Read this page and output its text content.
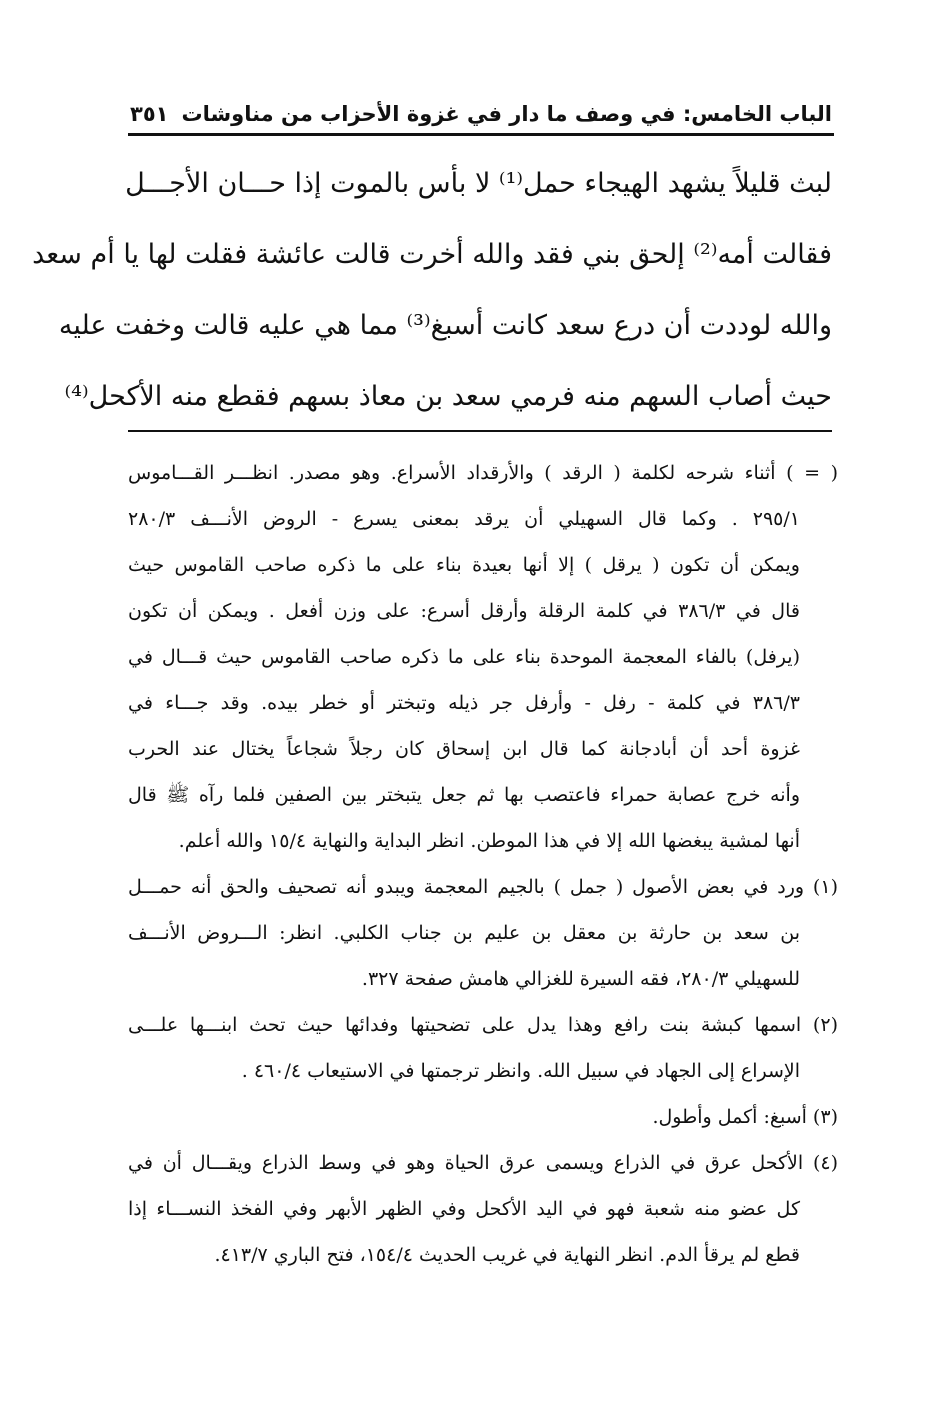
الباب الخامس: في وصف ما دار في غزوة الأحزاب من مناوشات
٣٥١
لبث قليلاً يشهد الهيجاء حمل⁽¹⁾ لا بأس بالموت إذا حـــان الأجـــل
فقالت أمه⁽²⁾ إلحق بني فقد والله أخرت قالت عائشة فقلت لها يا أم سعد
والله لوددت أن درع سعد كانت أسبغ⁽³⁾ مما هي عليه قالت وخفت عليه
حيث أصاب السهم منه فرمي سعد بن معاذ بسهم فقطع منه الأكحل⁽⁴⁾
( = ) أثناء شرحه لكلمة ( الرقد ) والأرقداد الأسراع. وهو مصدر. انظـــر القـــاموس
٢٩٥/١ . وكما قال السهيلي أن يرقد بمعنى يسرع - الروض الأنـــف ٢٨٠/٣
ويمكن أن تكون ( يرقل ) إلا أنها بعيدة بناء على ما ذكره صاحب القاموس حيث
قال في ٣٨٦/٣ في كلمة الرقلة وأرقل أسرع: على وزن أفعل . ويمكن أن تكون
(يرفل) بالفاء المعجمة الموحدة بناء على ما ذكره صاحب القاموس حيث قـــال في
٣٨٦/٣ في كلمة - رفل - وأرفل جر ذيله وتبختر أو خطر بيده. وقد جـــاء في
غزوة أحد أن أبادجانة كما قال ابن إسحاق كان رجلاً شجاعاً يختال عند الحرب
وأنه خرج عصابة حمراء فاعتصب بها ثم جعل يتبختر بين الصفين فلما رآه ﷺ قال
أنها لمشية يبغضها الله إلا في هذا الموطن. انظر البداية والنهاية ١٥/٤ والله أعلم.
(١) ورد في بعض الأصول ( جمل ) بالجيم المعجمة ويبدو أنه تصحيف والحق أنه حمـــل
بن سعد بن حارثة بن معقل بن عليم بن جناب الكلبي. انظر: الـــروض الأنـــف
للسهيلي ٢٨٠/٣، فقه السيرة للغزالي هامش صفحة ٣٢٧.
(٢) اسمها كبشة بنت رافع وهذا يدل على تضحيتها وفدائها حيث تحث ابنـــها علـــى
الإسراع إلى الجهاد في سبيل الله. وانظر ترجمتها في الاستيعاب ٤٦٠/٤ .
(٣) أسبغ: أكمل وأطول.
(٤) الأكحل عرق في الذراع ويسمى عرق الحياة وهو في وسط الذراع ويقـــال أن في
كل عضو منه شعبة فهو في اليد الأكحل وفي الظهر الأبهر وفي الفخذ النســـاء إذا
قطع لم يرقأ الدم. انظر النهاية في غريب الحديث ١٥٤/٤، فتح الباري ٤١٣/٧.
